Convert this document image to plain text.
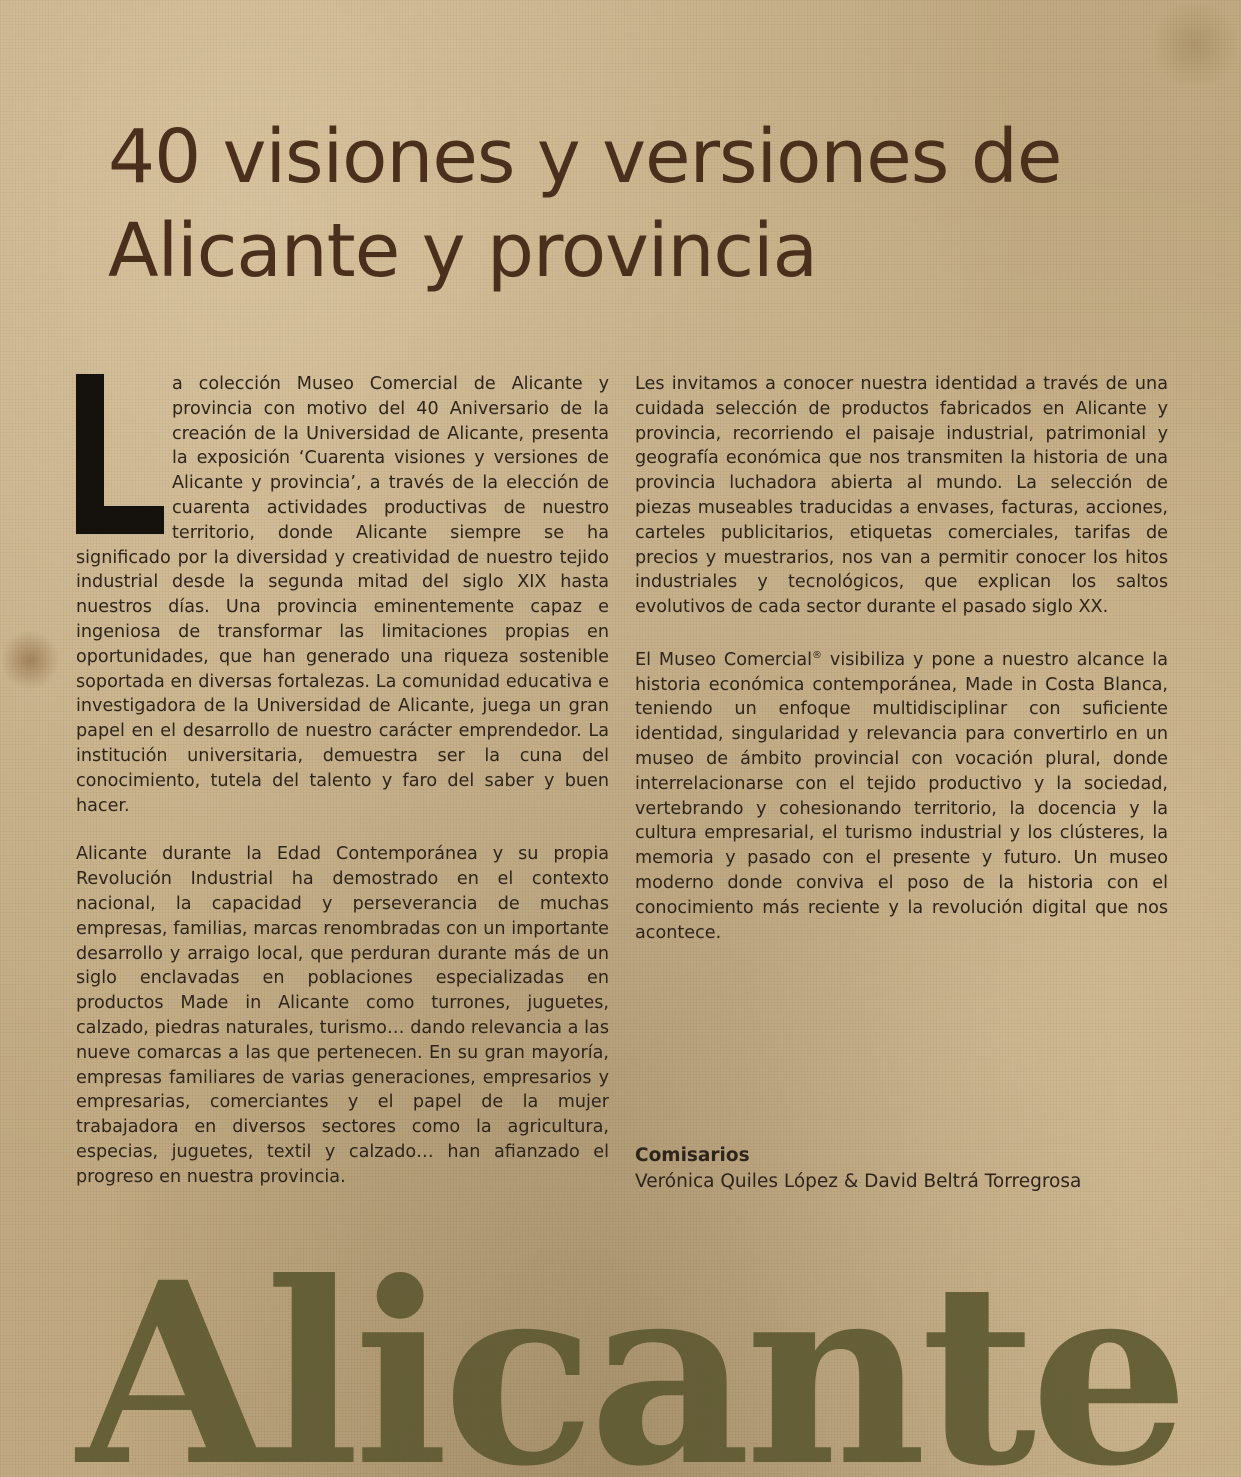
40 visiones y versiones de
Alicante y provincia

a colección Museo Comercial de Alicante y provincia con motivo del 40 Aniversario de la creación de la Universidad de Alicante, presenta la exposición ‘Cuarenta visiones y versiones de Alicante y provincia’, a través de la elección de cuarenta actividades productivas de nuestro territorio, donde Alicante siempre se ha significado por la diversidad y creatividad de nuestro tejido industrial desde la segunda mitad del siglo XIX hasta nuestros días. Una provincia eminentemente capaz e ingeniosa de transformar las limitaciones propias en oportunidades, que han generado una riqueza sostenible soportada en diversas fortalezas. La comunidad educativa e investigadora de la Universidad de Alicante, juega un gran papel en el desarrollo de nuestro carácter emprendedor. La institución universitaria, demuestra ser la cuna del conocimiento, tutela del talento y faro del saber y buen hacer.

Alicante durante la Edad Contemporánea y su propia Revolución Industrial ha demostrado en el contexto nacional, la capacidad y perseverancia de muchas empresas, familias, marcas renombradas con un importante desarrollo y arraigo local, que perduran durante más de un siglo enclavadas en poblaciones especializadas en productos Made in Alicante como turrones, juguetes, calzado, piedras naturales, turismo… dando relevancia a las nueve comarcas a las que pertenecen. En su gran mayoría, empresas familiares de varias generaciones, empresarios y empresarias, comerciantes y el papel de la mujer trabajadora en diversos sectores como la agricultura, especias, juguetes, textil y calzado… han afianzado el progreso en nuestra provincia.

Les invitamos a conocer nuestra identidad a través de una cuidada selección de productos fabricados en Alicante y provincia, recorriendo el paisaje industrial, patrimonial y geografía económica que nos transmiten la historia de una provincia luchadora abierta al mundo. La selección de piezas museables traducidas a envases, facturas, acciones, carteles publicitarios, etiquetas comerciales, tarifas de precios y muestrarios, nos van a permitir conocer los hitos industriales y tecnológicos, que explican los saltos evolutivos de cada sector durante el pasado siglo XX.

El Museo Comercial® visibiliza y pone a nuestro alcance la historia económica contemporánea, Made in Costa Blanca, teniendo un enfoque multidisciplinar con suficiente identidad, singularidad y relevancia para convertirlo en un museo de ámbito provincial con vocación plural, donde interrelacionarse con el tejido productivo y la sociedad, vertebrando y cohesionando territorio, la docencia y la cultura empresarial, el turismo industrial y los clústeres, la memoria y pasado con el presente y futuro. Un museo moderno donde conviva el poso de la historia con el conocimiento más reciente y la revolución digital que nos acontece.

Comisarios
Verónica Quiles López & David Beltrá Torregrosa
Alicante
